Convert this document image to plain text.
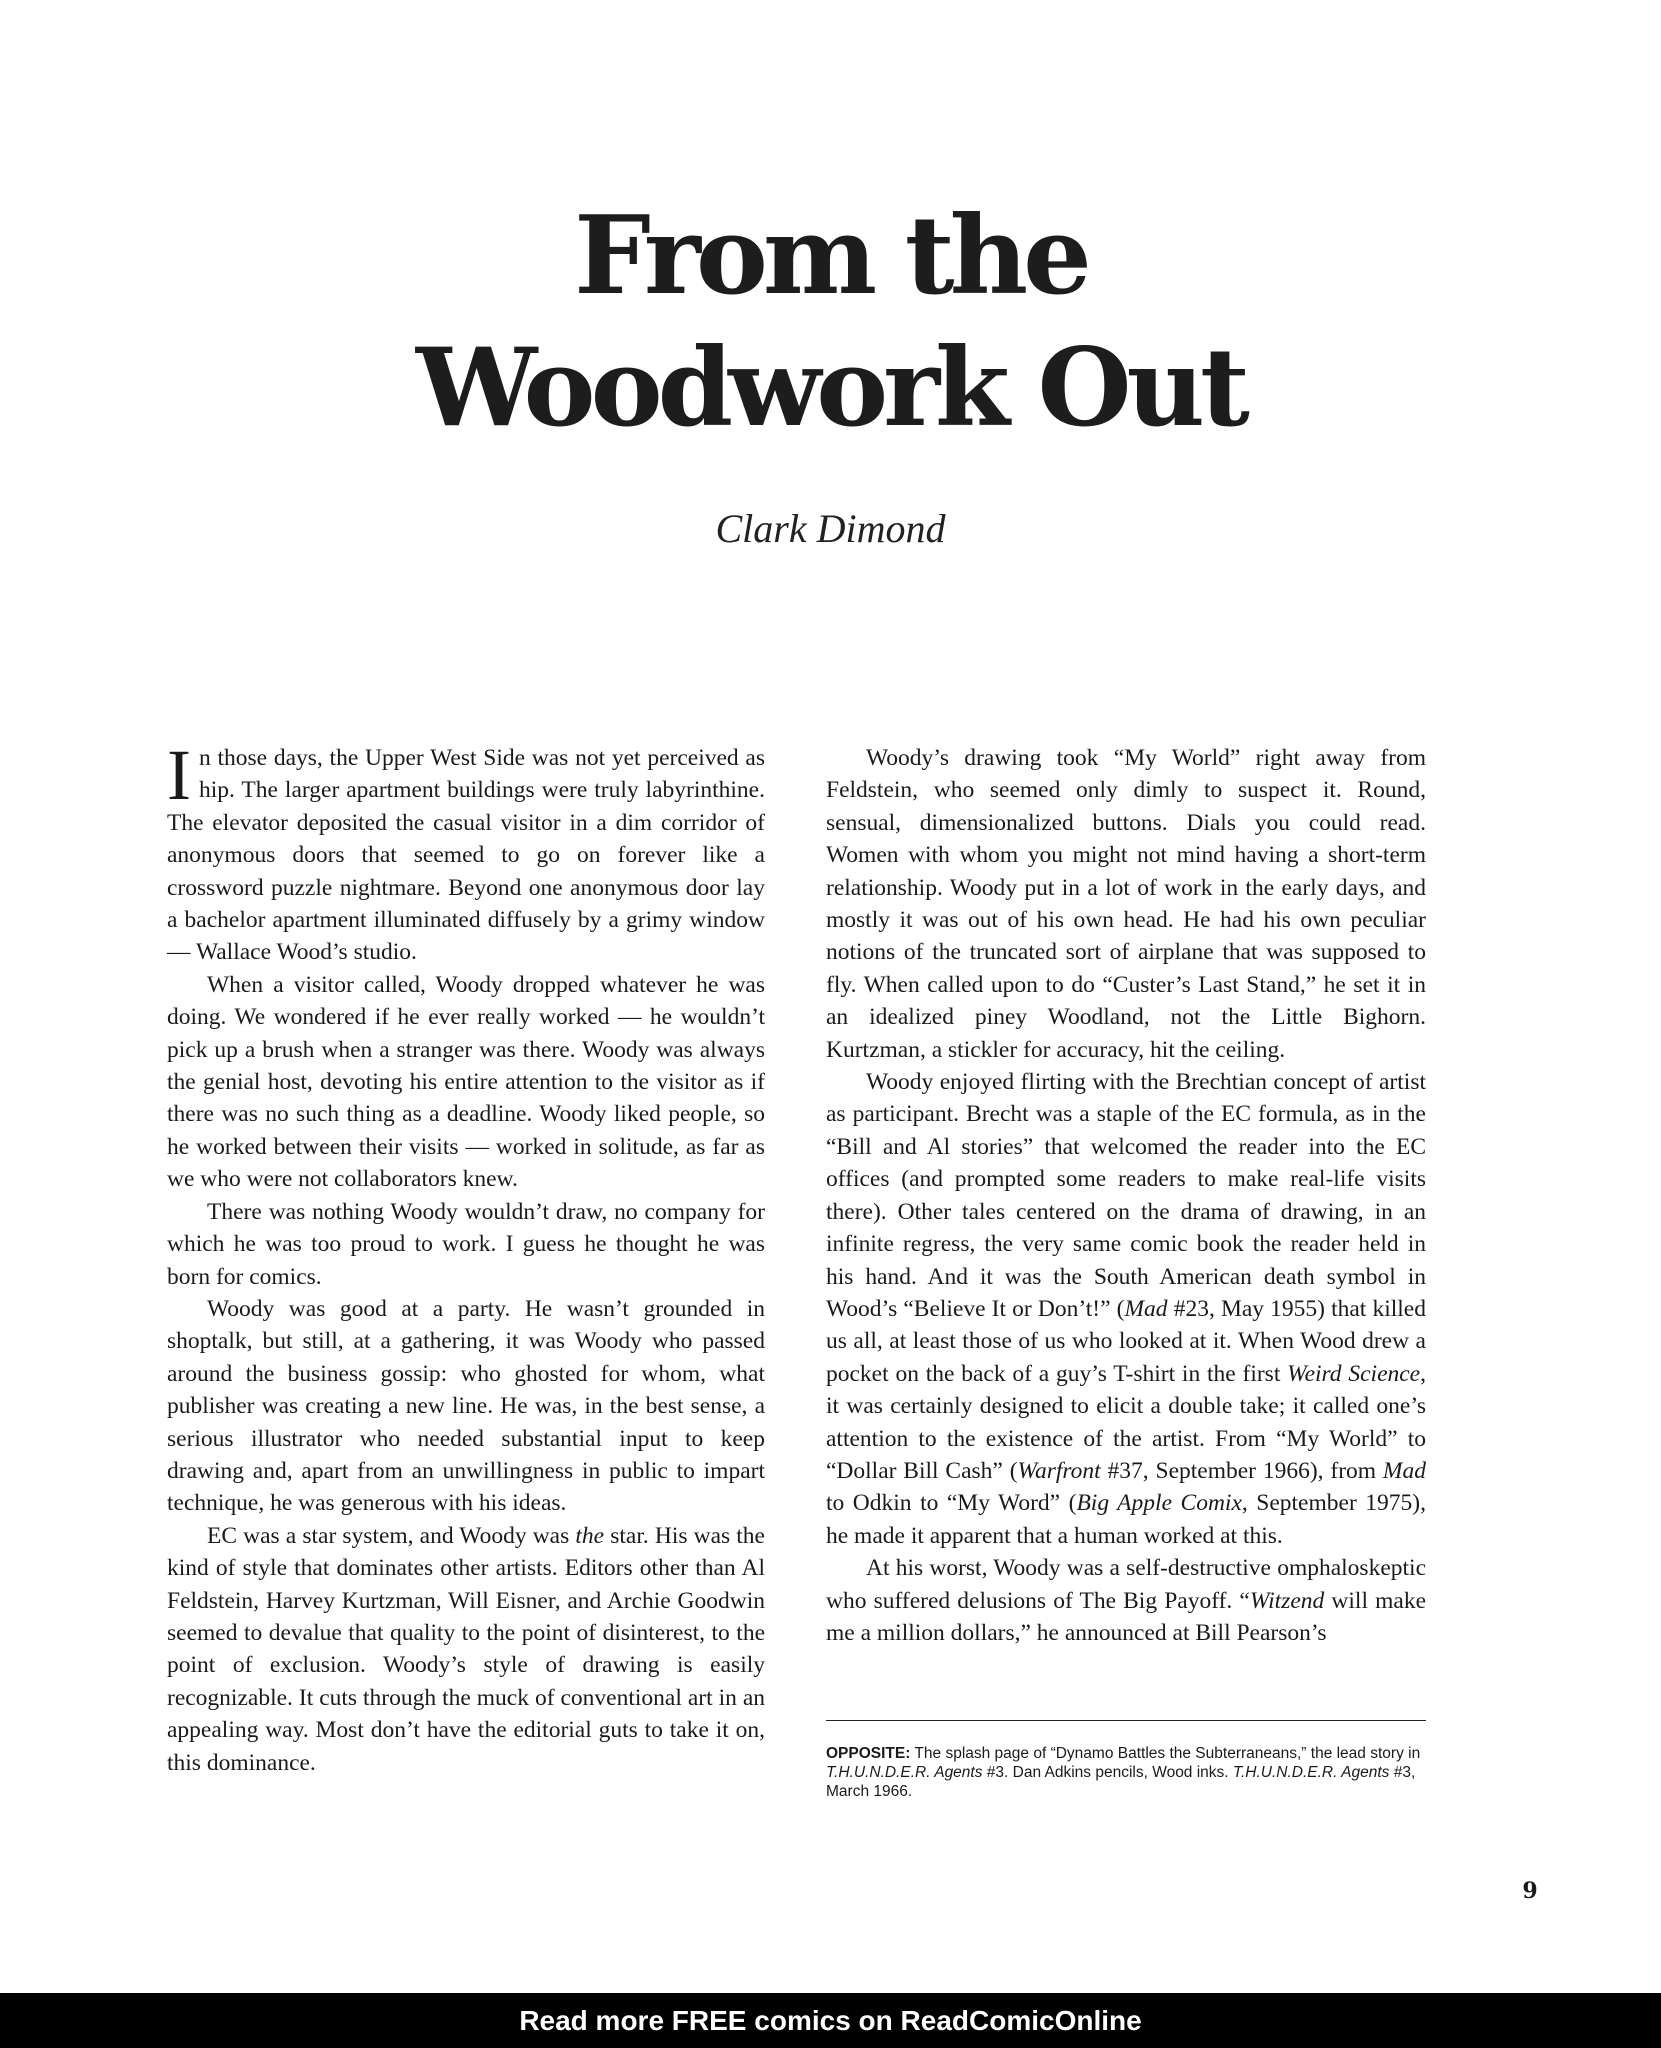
From the
Woodwork Out
Clark Dimond

In those days, the Upper West Side was not yet perceived as hip. The larger apartment buildings were truly labyrinthine. The elevator deposited the casual visitor in a dim corridor of anonymous doors that seemed to go on forever like a crossword puzzle nightmare. Beyond one anonymous door lay a bachelor apartment illuminated diffusely by a grimy window — Wallace Wood’s studio.

When a visitor called, Woody dropped whatever he was doing. We wondered if he ever really worked — he wouldn’t pick up a brush when a stranger was there. Woody was always the genial host, devoting his entire attention to the visitor as if there was no such thing as a deadline. Woody liked people, so he worked between their visits — worked in solitude, as far as we who were not collaborators knew.

There was nothing Woody wouldn’t draw, no company for which he was too proud to work. I guess he thought he was born for comics.

Woody was good at a party. He wasn’t grounded in shoptalk, but still, at a gathering, it was Woody who passed around the business gossip: who ghosted for whom, what publisher was creating a new line. He was, in the best sense, a serious illustrator who needed substantial input to keep drawing and, apart from an unwillingness in public to impart technique, he was generous with his ideas.

EC was a star system, and Woody was the star. His was the kind of style that dominates other artists. Editors other than Al Feldstein, Harvey Kurtzman, Will Eisner, and Archie Goodwin seemed to devalue that quality to the point of disinterest, to the point of exclusion. Woody’s style of drawing is easily recognizable. It cuts through the muck of conventional art in an appealing way. Most don’t have the editorial guts to take it on, this dominance.

Woody’s drawing took “My World” right away from Feldstein, who seemed only dimly to suspect it. Round, sensual, dimensionalized buttons. Dials you could read. Women with whom you might not mind having a short-term relationship. Woody put in a lot of work in the early days, and mostly it was out of his own head. He had his own peculiar notions of the truncated sort of airplane that was supposed to fly. When called upon to do “Custer’s Last Stand,” he set it in an idealized piney Woodland, not the Little Bighorn. Kurtzman, a stickler for accuracy, hit the ceiling.

Woody enjoyed flirting with the Brechtian concept of artist as participant. Brecht was a staple of the EC formula, as in the “Bill and Al stories” that welcomed the reader into the EC offices (and prompted some readers to make real-life visits there). Other tales centered on the drama of drawing, in an infinite regress, the very same comic book the reader held in his hand. And it was the South American death symbol in Wood’s “Believe It or Don’t!” (Mad #23, May 1955) that killed us all, at least those of us who looked at it. When Wood drew a pocket on the back of a guy’s T-shirt in the first Weird Science, it was certainly designed to elicit a double take; it called one’s attention to the existence of the artist. From “My World” to “Dollar Bill Cash” (Warfront #37, September 1966), from Mad to Odkin to “My Word” (Big Apple Comix, September 1975), he made it apparent that a human worked at this.

At his worst, Woody was a self-destructive omphaloskeptic who suffered delusions of The Big Payoff. “Witzend will make me a million dollars,” he announced at Bill Pearson’s

OPPOSITE: The splash page of “Dynamo Battles the Subterraneans,” the lead story in T.H.U.N.D.E.R. Agents #3. Dan Adkins pencils, Wood inks. T.H.U.N.D.E.R. Agents #3, March 1966.
9
Read more FREE comics on ReadComicOnline
